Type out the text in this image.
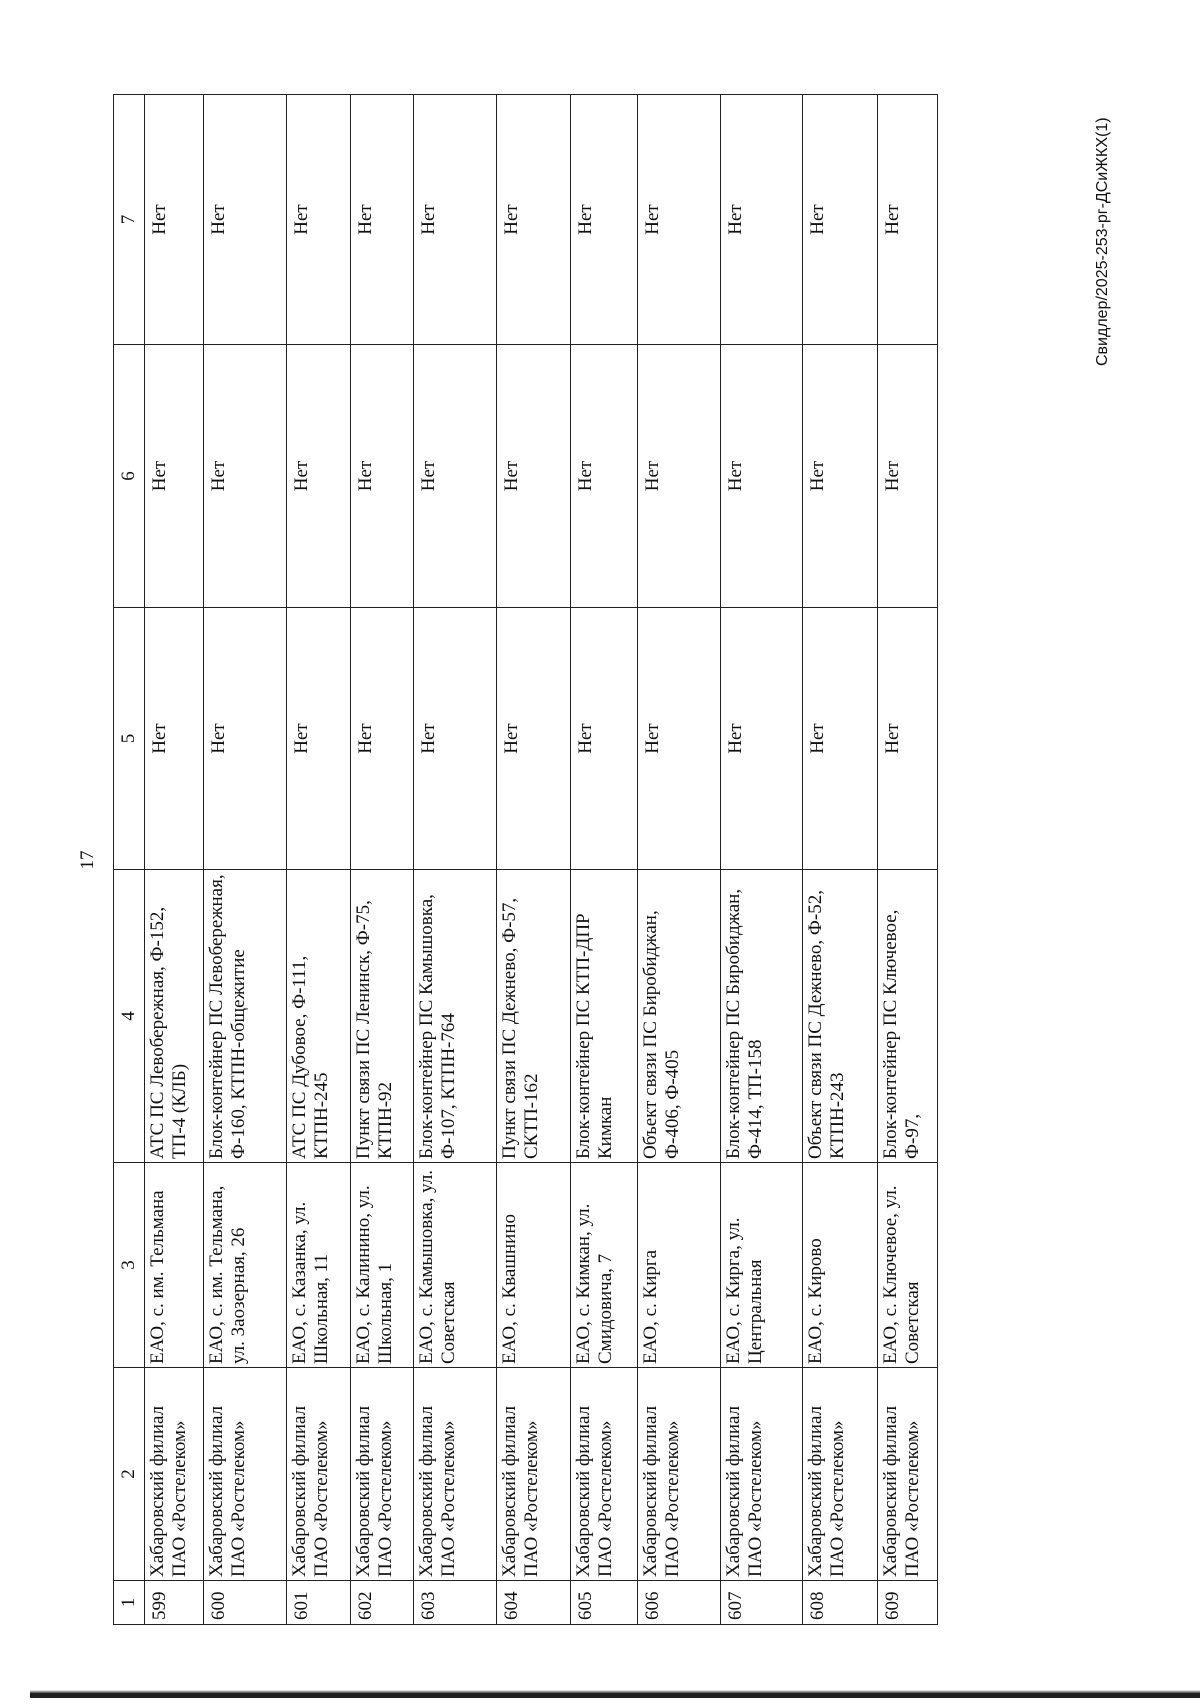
17
1	2	3	4	5	6	7
599	Хабаровский филиал ПАО «Ростелеком»	ЕАО, с. им. Тельмана	АТС ПС Левобережная, Ф-152, ТП-4 (КЛБ)	Нет	Нет	Нет
600	Хабаровский филиал ПАО «Ростелеком»	ЕАО, с. им. Тельмана, ул. Заозерная, 26	Блок-контейнер ПС Левобережная, Ф-160, КТПН-общежитие	Нет	Нет	Нет
601	Хабаровский филиал ПАО «Ростелеком»	ЕАО, с. Казанка, ул. Школьная, 11	АТС ПС Дубовое, Ф-111, КТПН-245	Нет	Нет	Нет
602	Хабаровский филиал ПАО «Ростелеком»	ЕАО, с. Калинино, ул. Школьная, 1	Пункт связи ПС Ленинск, Ф-75, КТПН-92	Нет	Нет	Нет
603	Хабаровский филиал ПАО «Ростелеком»	ЕАО, с. Камышовка, ул. Советская	Блок-контейнер ПС Камышовка, Ф-107, КТПН-764	Нет	Нет	Нет
604	Хабаровский филиал ПАО «Ростелеком»	ЕАО, с. Квашнино	Пункт связи ПС Дежнево, Ф-57, СКТП-162	Нет	Нет	Нет
605	Хабаровский филиал ПАО «Ростелеком»	ЕАО, с. Кимкан, ул. Смидовича, 7	Блок-контейнер ПС КТП-ДПР Кимкан	Нет	Нет	Нет
606	Хабаровский филиал ПАО «Ростелеком»	ЕАО, с. Кирга	Объект связи ПС Биробиджан, Ф-406, Ф-405	Нет	Нет	Нет
607	Хабаровский филиал ПАО «Ростелеком»	ЕАО, с. Кирга, ул. Центральная	Блок-контейнер ПС Биробиджан, Ф-414, ТП-158	Нет	Нет	Нет
608	Хабаровский филиал ПАО «Ростелеком»	ЕАО, с. Кирово	Объект связи ПС Дежнево, Ф-52, КТПН-243	Нет	Нет	Нет
609	Хабаровский филиал ПАО «Ростелеком»	ЕАО, с. Ключевое, ул. Советская	Блок-контейнер ПС Ключевое, Ф-97,	Нет	Нет	Нет	Свидлер/2025-253-рг-ДСиЖКХ(1)
